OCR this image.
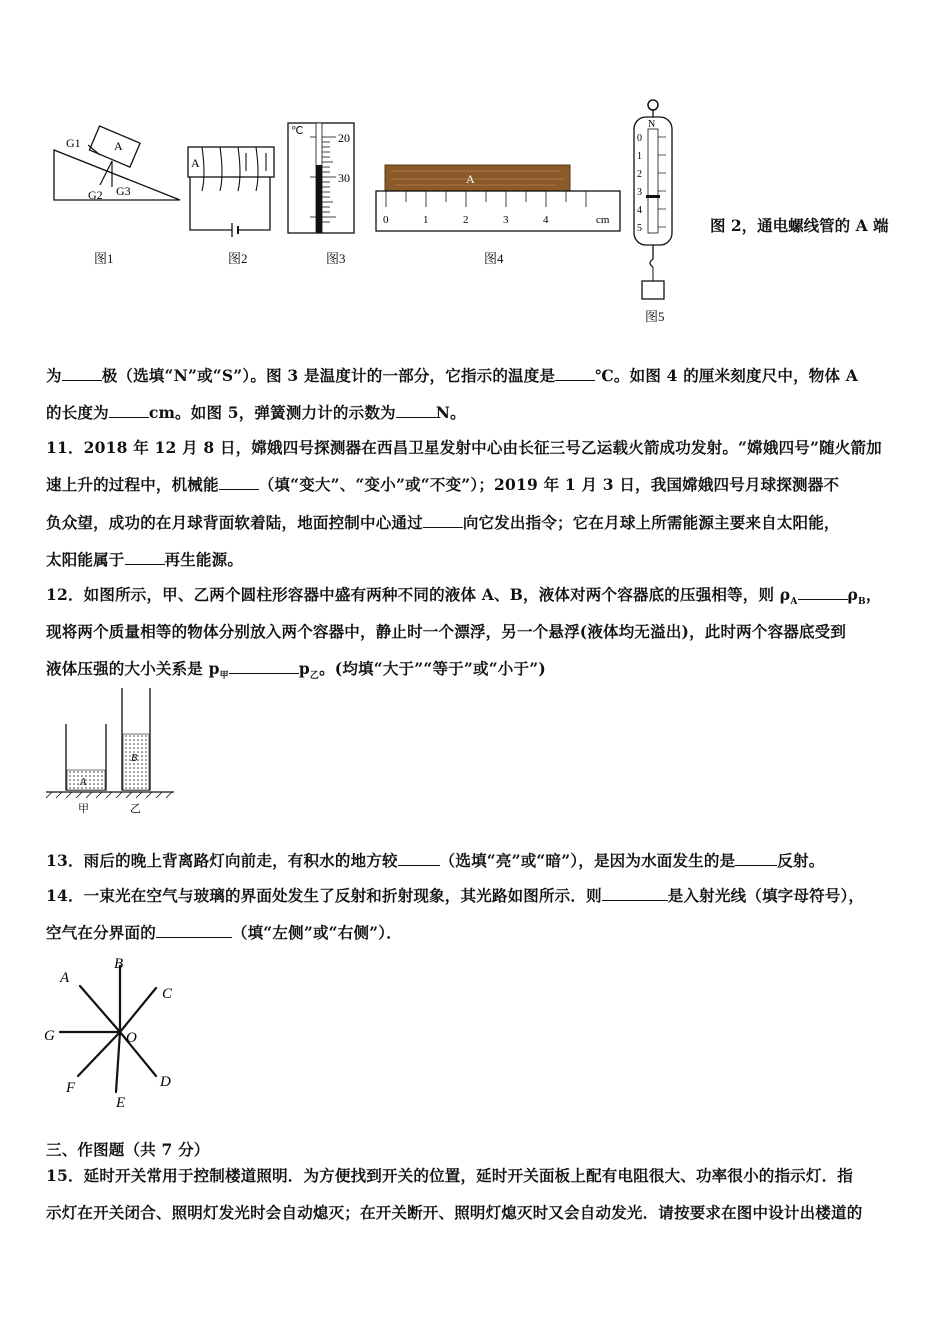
G1	A
G2 G3
A
℃	20
30	A
0	1	2	3	4	cm
N
0
1
2
3
4
5
图1	图2	图3	图4
图5
图 2，通电螺线管的 A 端
为	极（选填“N”或“S”）。图 3 是温度计的一部分，它指示的温度是	℃。如图 4 的厘米刻度尺中，物体 A
的长度为	cm。如图 5，弹簧测力计的示数为	N。
11．2018 年 12 月 8 日，嫦娥四号探测器在西昌卫星发射中心由长征三号乙运载火箭成功发射。“嫦娥四号”随火箭加
速上升的过程中，机械能	（填“变大”、“变小”或“不变”）；2019 年 1 月 3 日，我国嫦娥四号月球探测器不
负众望，成功的在月球背面软着陆，地面控制中心通过	向它发出指令；它在月球上所需能源主要来自太阳能，
太阳能属于	再生能源。
12．如图所示，甲、乙两个圆柱形容器中盛有两种不同的液体 A、B，液体对两个容器底的压强相等，则 $\rho_A$	$\rho_B$，
现将两个质量相等的物体分别放入两个容器中，静止时一个漂浮，另一个悬浮(液体均无溢出)，此时两个容器底受到
液体压强的大小关系是 $p_甲$	$p_乙$。(均填“大于”“等于”或“小于”)
A
B
甲	乙
13．雨后的晚上背离路灯向前走，有积水的地方较	（选填“亮”或“暗”），是因为水面发生的是	反射。
14．一束光在空气与玻璃的界面处发生了反射和折射现象，其光路如图所示．则	是入射光线（填字母符号），
空气在分界面的	（填“左侧”或“右侧”）．
A
B
C
D
E
F
G	O
三、作图题（共 7 分）
15．延时开关常用于控制楼道照明．为方便找到开关的位置，延时开关面板上配有电阻很大、功率很小的指示灯．指
示灯在开关闭合、照明灯发光时会自动熄灭；在开关断开、照明灯熄灭时又会自动发光．请按要求在图中设计出楼道的
